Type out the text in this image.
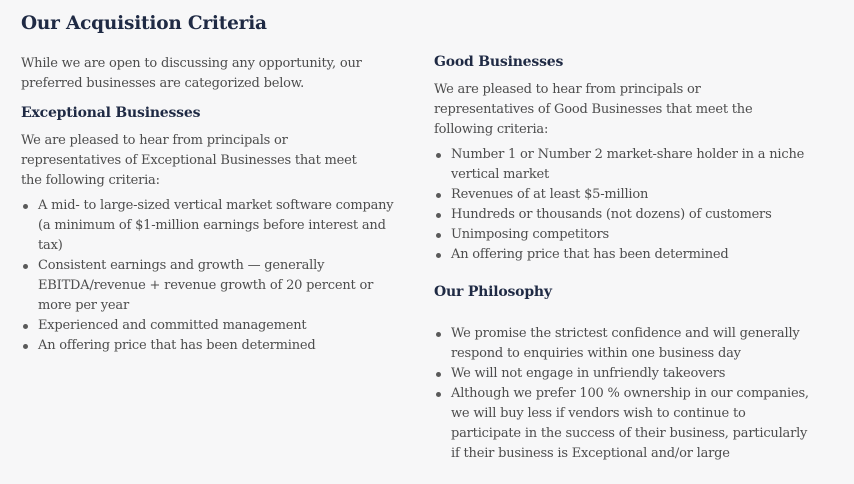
Our Acquisition Criteria

While we are open to discussing any opportunity, our preferred businesses are categorized below.

Exceptional Businesses

We are pleased to hear from principals or representatives of Exceptional Businesses that meet the following criteria:

A mid- to large-sized vertical market software company (a minimum of $1-million earnings before interest and tax)
Consistent earnings and growth — generally EBITDA/revenue + revenue growth of 20 percent or more per year
Experienced and committed management
An offering price that has been determined
Good Businesses

We are pleased to hear from principals or representatives of Good Businesses that meet the following criteria:

Number 1 or Number 2 market-share holder in a niche vertical market
Revenues of at least $5-million
Hundreds or thousands (not dozens) of customers
Unimposing competitors
An offering price that has been determined
Our Philosophy
We promise the strictest confidence and will generally respond to enquiries within one business day
We will not engage in unfriendly takeovers
Although we prefer 100 % ownership in our companies, we will buy less if vendors wish to continue to participate in the success of their business, particularly if their business is Exceptional and/or large
